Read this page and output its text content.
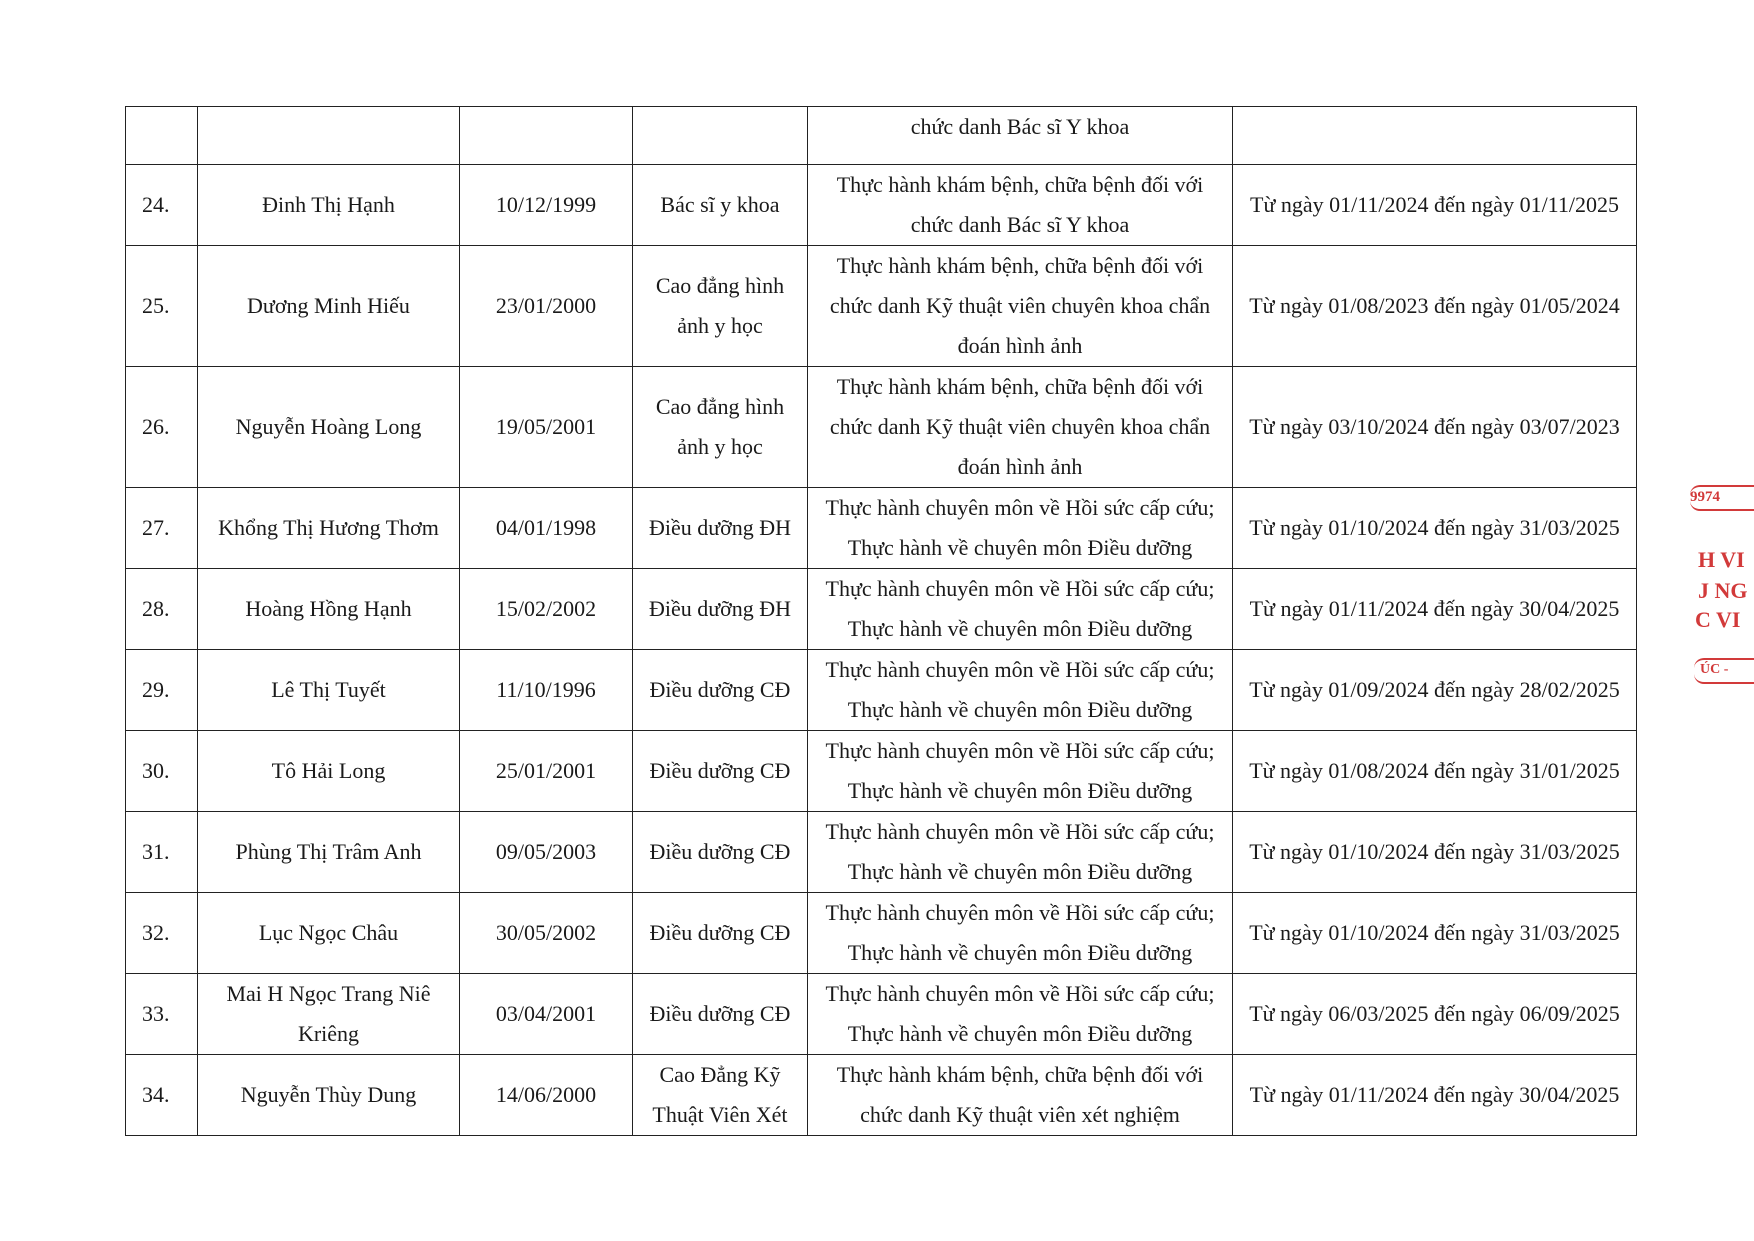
				chức danh Bác sĩ Y khoa	

24.	Đinh Thị Hạnh	10/12/1999	Bác sĩ y khoa	Thực hành khám bệnh, chữa bệnh đối với
chức danh Bác sĩ Y khoa	Từ ngày 01/11/2024 đến ngày 01/11/2025
25.	Dương Minh Hiếu	23/01/2000	Cao đẳng hình
ảnh y học	Thực hành khám bệnh, chữa bệnh đối với
chức danh Kỹ thuật viên chuyên khoa chẩn
đoán hình ảnh	Từ ngày 01/08/2023 đến ngày 01/05/2024
26.	Nguyễn Hoàng Long	19/05/2001	Cao đẳng hình
ảnh y học	Thực hành khám bệnh, chữa bệnh đối với
chức danh Kỹ thuật viên chuyên khoa chẩn
đoán hình ảnh	Từ ngày 03/10/2024 đến ngày 03/07/2023
27.	Khổng Thị Hương Thơm	04/01/1998	Điều dưỡng ĐH	Thực hành chuyên môn về Hồi sức cấp cứu;
Thực hành về chuyên môn Điều dưỡng	Từ ngày 01/10/2024 đến ngày 31/03/2025
28.	Hoàng Hồng Hạnh	15/02/2002	Điều dưỡng ĐH	Thực hành chuyên môn về Hồi sức cấp cứu;
Thực hành về chuyên môn Điều dưỡng	Từ ngày 01/11/2024 đến ngày 30/04/2025
29.	Lê Thị Tuyết	11/10/1996	Điều dưỡng CĐ	Thực hành chuyên môn về Hồi sức cấp cứu;
Thực hành về chuyên môn Điều dưỡng	Từ ngày 01/09/2024 đến ngày 28/02/2025
30.	Tô Hải Long	25/01/2001	Điều dưỡng CĐ	Thực hành chuyên môn về Hồi sức cấp cứu;
Thực hành về chuyên môn Điều dưỡng	Từ ngày 01/08/2024 đến ngày 31/01/2025
31.	Phùng Thị Trâm Anh	09/05/2003	Điều dưỡng CĐ	Thực hành chuyên môn về Hồi sức cấp cứu;
Thực hành về chuyên môn Điều dưỡng	Từ ngày 01/10/2024 đến ngày 31/03/2025
32.	Lục Ngọc Châu	30/05/2002	Điều dưỡng CĐ	Thực hành chuyên môn về Hồi sức cấp cứu;
Thực hành về chuyên môn Điều dưỡng	Từ ngày 01/10/2024 đến ngày 31/03/2025
33.	Mai H Ngọc Trang Niê
Kriêng	03/04/2001	Điều dưỡng CĐ	Thực hành chuyên môn về Hồi sức cấp cứu;
Thực hành về chuyên môn Điều dưỡng	Từ ngày 06/03/2025 đến ngày 06/09/2025
34.	Nguyễn Thùy Dung	14/06/2000	Cao Đẳng Kỹ
Thuật Viên Xét	Thực hành khám bệnh, chữa bệnh đối với
chức danh Kỹ thuật viên xét nghiệm	Từ ngày 01/11/2024 đến ngày 30/04/2025
9974
H VI
J NG
C VI
ÚC -
